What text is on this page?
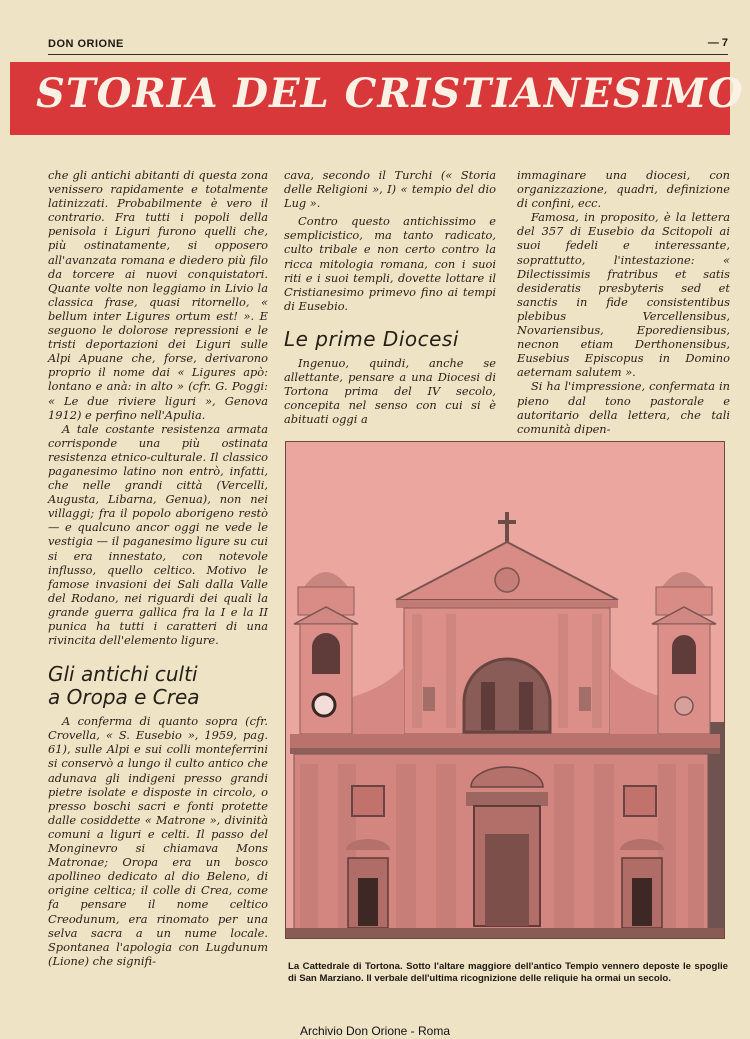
DON ORIONE	— 7
STORIA DEL CRISTIANESIMO

che gli antichi abitanti di questa zona venissero rapidamente e totalmente latinizzati. Probabilmente è vero il contrario. Fra tutti i popoli della penisola i Liguri furono quelli che, più ostinatamente, si opposero all'avanzata romana e diedero più filo da torcere ai nuovi conquistatori. Quante volte non leggiamo in Livio la classica frase, quasi ritornello, « bellum inter Ligures ortum est! ». E seguono le dolorose repressioni e le tristi deportazioni dei Liguri sulle Alpi Apuane che, forse, derivarono proprio il nome dai « Ligures apò: lontano e anà: in alto » (cfr. G. Poggi: « Le due riviere liguri », Genova 1912) e perfino nell'Apulia.

A tale costante resistenza armata corrisponde una più ostinata resistenza etnico-culturale. Il classico paganesimo latino non entrò, infatti, che nelle grandi città (Vercelli, Augusta, Libarna, Genua), non nei villaggi; fra il popolo aborigeno restò — e qualcuno ancor oggi ne vede le vestigia — il paganesimo ligure su cui si era innestato, con notevole influsso, quello celtico. Motivo le famose invasioni dei Sali dalla Valle del Rodano, nei riguardi dei quali la grande guerra gallica fra la I e la II punica ha tutti i caratteri di una rivincita dell'elemento ligure.

Gli antichi culti
a Oropa e Crea

A conferma di quanto sopra (cfr. Crovella, « S. Eusebio », 1959, pag. 61), sulle Alpi e sui colli monteferrini si conservò a lungo il culto antico che adunava gli indigeni presso grandi pietre isolate e disposte in circolo, o presso boschi sacri e fonti protette dalle cosiddette « Matrone », divinità comuni a liguri e celti. Il passo del Monginevro si chiamava Mons Matronae; Oropa era un bosco apollineo dedicato al dio Beleno, di origine celtica; il colle di Crea, come fa pensare il nome celtico Creodunum, era rinomato per una selva sacra a un nume locale. Spontanea l'apologia con Lugdunum (Lione) che signifi-

cava, secondo il Turchi (« Storia delle Religioni », I) « tempio del dio Lug ».

Contro questo antichissimo e semplicistico, ma tanto radicato, culto tribale e non certo contro la ricca mitologia romana, con i suoi riti e i suoi templi, dovette lottare il Cristianesimo primevo fino ai tempi di Eusebio.

Le prime Diocesi

Ingenuo, quindi, anche se allettante, pensare a una Diocesi di Tortona prima del IV secolo, concepita nel senso con cui si è abituati oggi a

immaginare una diocesi, con organizzazione, quadri, definizione di confini, ecc.

Famosa, in proposito, è la lettera del 357 di Eusebio da Scitopoli ai suoi fedeli e interessante, soprattutto, l'intestazione: « Dilectissimis fratribus et satis desideratis presbyteris sed et sanctis in fide consistentibus plebibus Vercellensibus, Novariensibus, Eporediensibus, necnon etiam Derthonensibus, Eusebius Episcopus in Domino aeternam salutem ».

Si ha l'impressione, confermata in pieno dal tono pastorale e autoritario della lettera, che tali comunità dipen-

La Cattedrale di Tortona. Sotto l'altare maggiore dell'antico Tempio vennero deposte le spoglie di San Marziano. Il verbale dell'ultima ricognizione delle reliquie ha ormai un secolo.

Archivio Don Orione - Roma
